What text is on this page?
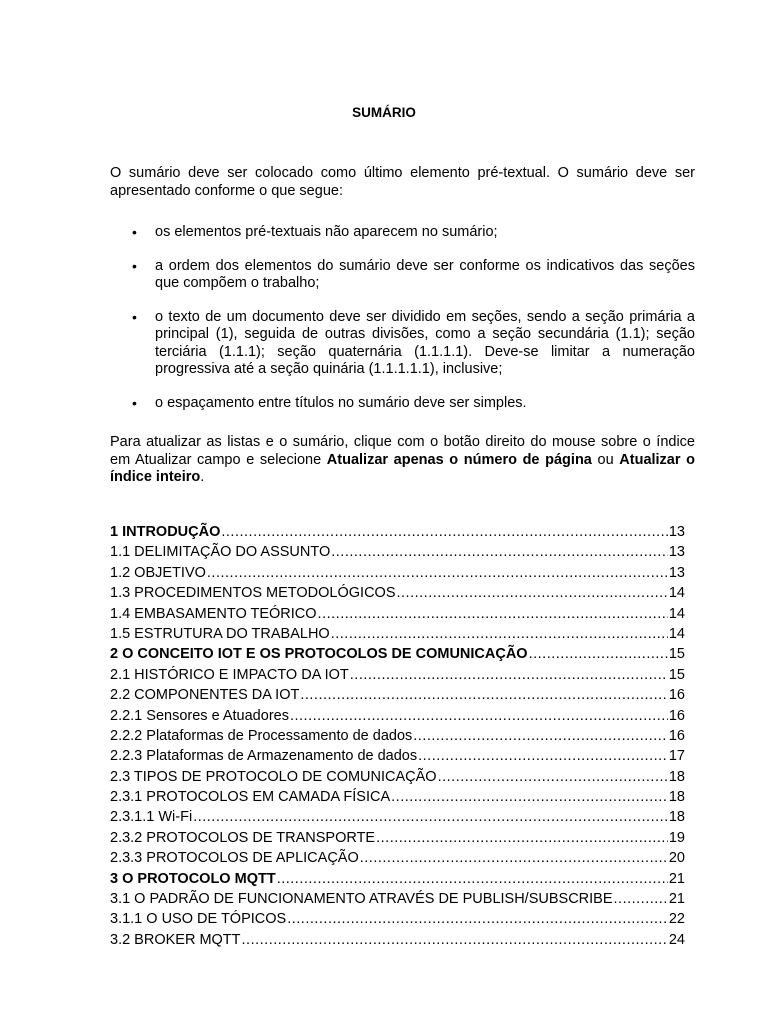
SUMÁRIO

O sumário deve ser colocado como último elemento pré-textual. O sumário deve ser apresentado conforme o que segue:

• os elementos pré-textuais não aparecem no sumário;
• a ordem dos elementos do sumário deve ser conforme os indicativos das seções que compõem o trabalho;
• o texto de um documento deve ser dividido em seções, sendo a seção primária a principal (1), seguida de outras divisões, como a seção secundária (1.1); seção terciária (1.1.1); seção quaternária (1.1.1.1). Deve-se limitar a numeração progressiva até a seção quinária (1.1.1.1.1), inclusive;
• o espaçamento entre títulos no sumário deve ser simples.

Para atualizar as listas e o sumário, clique com o botão direito do mouse sobre o índice em Atualizar campo e selecione Atualizar apenas o número de página ou Atualizar o índice inteiro.

1 INTRODUÇÃO .....	13
1.1 DELIMITAÇÃO DO ASSUNTO .....	13
1.2 OBJETIVO .....	13
1.3 PROCEDIMENTOS METODOLÓGICOS .....	14
1.4 EMBASAMENTO TEÓRICO .....	14
1.5 ESTRUTURA DO TRABALHO .....	14
2 O CONCEITO IOT E OS PROTOCOLOS DE COMUNICAÇÃO .....	15
2.1 HISTÓRICO E IMPACTO DA IOT .....	15
2.2 COMPONENTES DA IOT .....	16
2.2.1 Sensores e Atuadores .....	16
2.2.2 Plataformas de Processamento de dados .....	16
2.2.3 Plataformas de Armazenamento de dados .....	17
2.3 TIPOS DE PROTOCOLO DE COMUNICAÇÃO .....	18
2.3.1 PROTOCOLOS EM CAMADA FÍSICA .....	18
2.3.1.1 Wi-Fi .....	18
2.3.2 PROTOCOLOS DE TRANSPORTE .....	19
2.3.3 PROTOCOLOS DE APLICAÇÃO .....	20
3 O PROTOCOLO MQTT .....	21
3.1 O PADRÃO DE FUNCIONAMENTO ATRAVÉS DE PUBLISH/SUBSCRIBE .....	21
3.1.1 O USO DE TÓPICOS .....	22
3.2 BROKER MQTT .....	24
